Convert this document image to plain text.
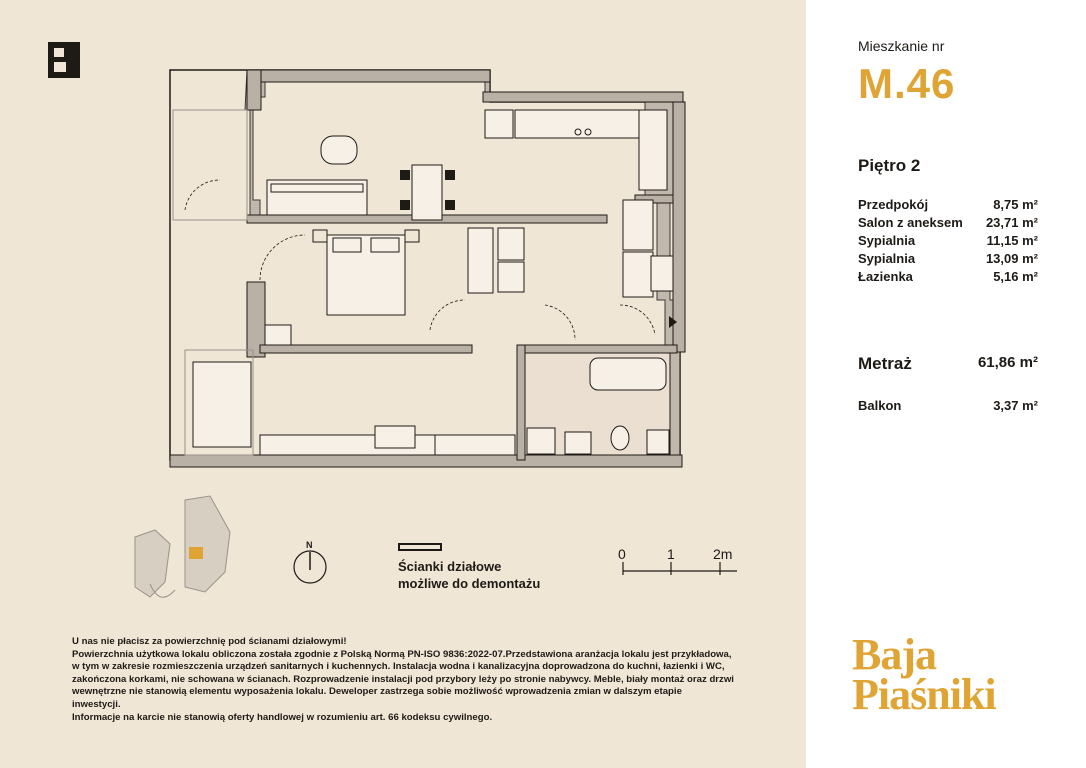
N
Ścianki działowe
możliwe do demontażu
0	1	2m

U nas nie płacisz za powierzchnię pod ścianami działowymi!

Powierzchnia użytkowa lokalu obliczona została zgodnie z Polską Normą PN-ISO 9836:2022-07.Przedstawiona aranżacja lokalu jest przykładowa,

w tym w zakresie rozmieszczenia urządzeń sanitarnych i kuchennych. Instalacja wodna i kanalizacyjna doprowadzona do kuchni, łazienki i WC,

zakończona korkami, nie schowana w ścianach. Rozprowadzenie instalacji pod przybory leży po stronie nabywcy. Meble, biały montaż oraz drzwi

wewnętrzne nie stanowią elementu wyposażenia lokalu. Deweloper zastrzega sobie możliwość wprowadzenia zmian w dalszym etapie

inwestycji.

Informacje na karcie nie stanowią oferty handlowej w rozumieniu art. 66 kodeksu cywilnego.

Mieszkanie nr
M.46
Piętro 2
Przedpokój	8,75 m²
Salon z aneksem 23,71 m²
Sypialnia	11,15 m²
Sypialnia	13,09 m²
Łazienka	5,16 m²
Metraż	61,86 m²
Balkon	3,37 m²
Baja
Piaśniki
